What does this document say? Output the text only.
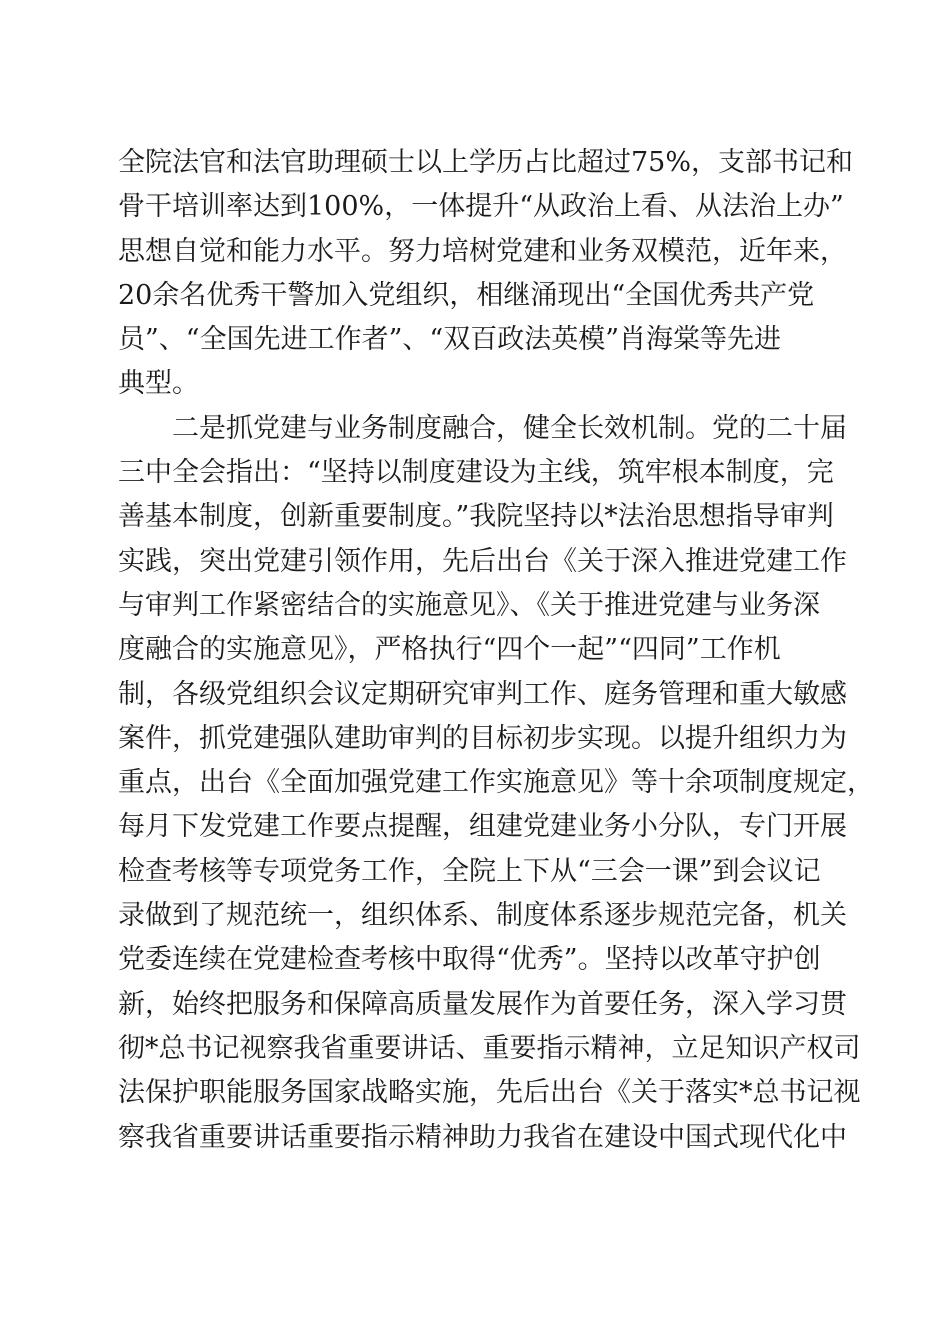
全院法官和法官助理硕士以上学历占比超过75%，支部书记和
骨干培训率达到100%，一体提升“从政治上看、从法治上办”
思想自觉和能力水平。努力培树党建和业务双模范，近年来，
20余名优秀干警加入党组织，相继涌现出“全国优秀共产党
员”、“全国先进工作者”、“双百政法英模”肖海棠等先进
典型。
二是抓党建与业务制度融合，健全长效机制。党的二十届
三中全会指出：“坚持以制度建设为主线，筑牢根本制度，完
善基本制度，创新重要制度。”我院坚持以*法治思想指导审判
实践，突出党建引领作用，先后出台《关于深入推进党建工作
与审判工作紧密结合的实施意见》、《关于推进党建与业务深
度融合的实施意见》，严格执行“四个一起”“四同”工作机
制，各级党组织会议定期研究审判工作、庭务管理和重大敏感
案件，抓党建强队建助审判的目标初步实现。以提升组织力为
重点，出台《全面加强党建工作实施意见》等十余项制度规定，
每月下发党建工作要点提醒，组建党建业务小分队，专门开展
检查考核等专项党务工作，全院上下从“三会一课”到会议记
录做到了规范统一，组织体系、制度体系逐步规范完备，机关
党委连续在党建检查考核中取得“优秀”。坚持以改革守护创
新，始终把服务和保障高质量发展作为首要任务，深入学习贯
彻*总书记视察我省重要讲话、重要指示精神，立足知识产权司
法保护职能服务国家战略实施，先后出台《关于落实*总书记视
察我省重要讲话重要指示精神助力我省在建设中国式现代化中
